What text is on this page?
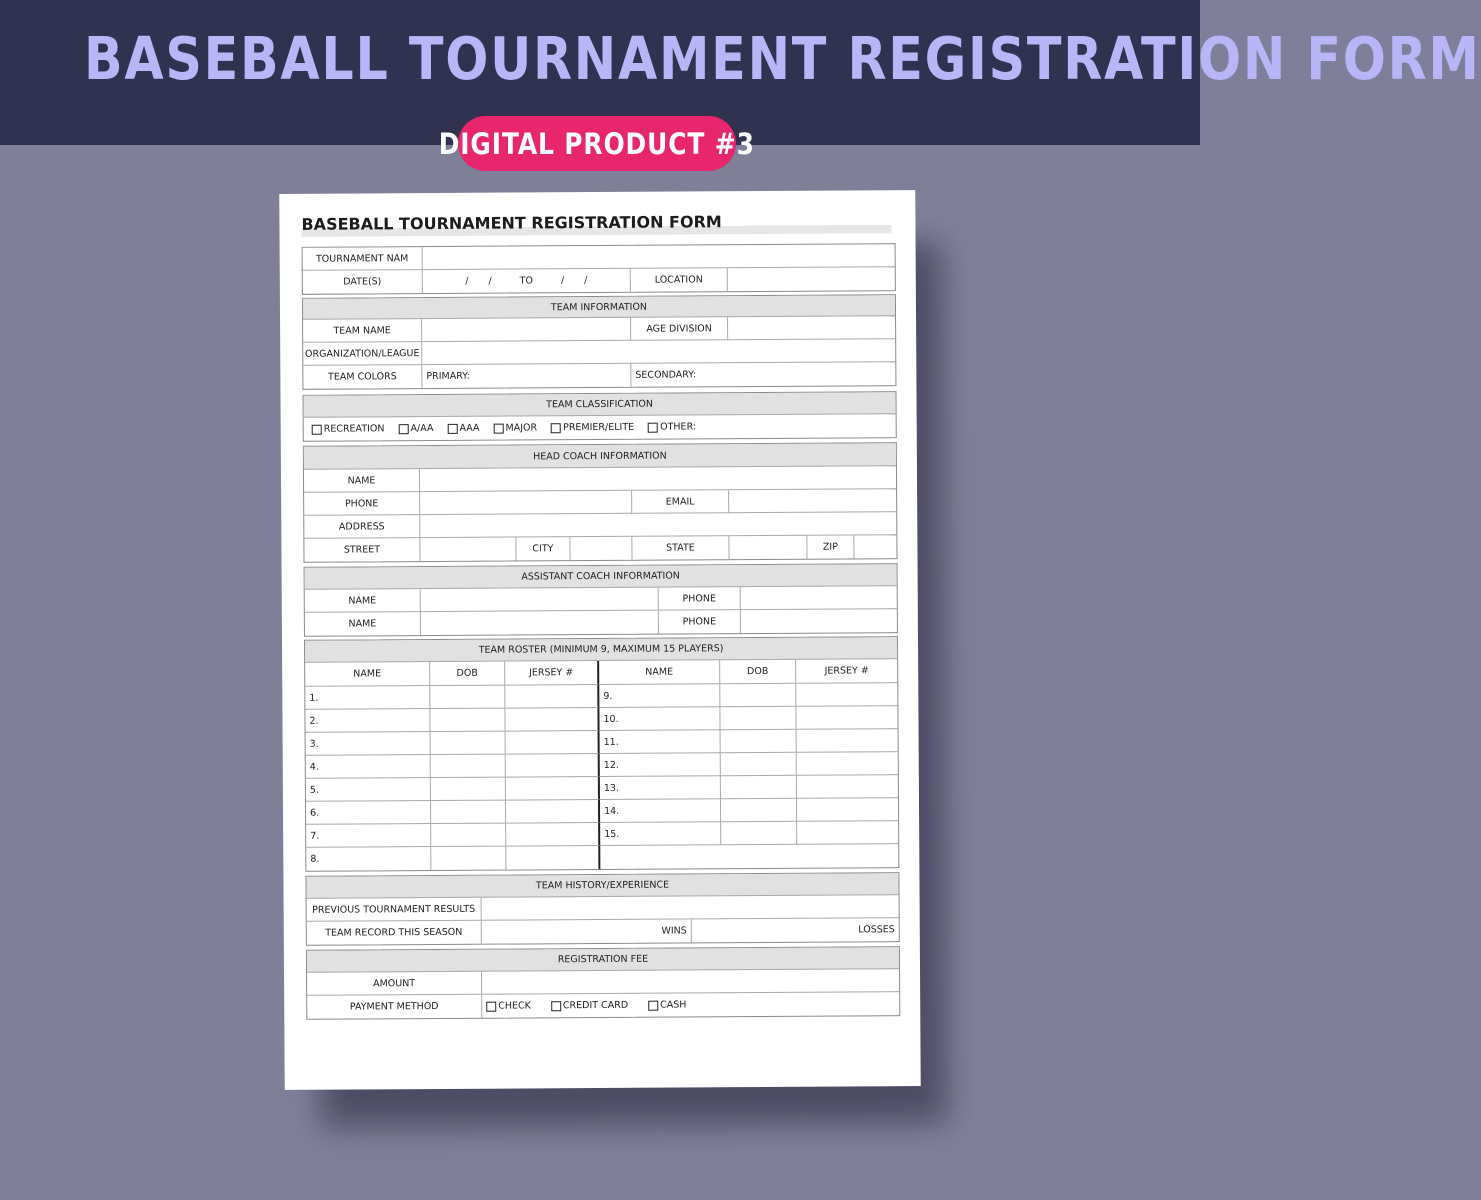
BASEBALL TOURNAMENT REGISTRATION FORM
DIGITAL PRODUCT #3
BASEBALL TOURNAMENT REGISTRATION FORM
TOURNAMENT NAM
DATE(S)	/ /	TO	/ /	LOCATION
TEAM INFORMATION
TEAM NAME	AGE DIVISION
ORGANIZATION/LEAGUE
TEAM COLORS	PRIMARY:	SECONDARY:
TEAM CLASSIFICATION
RECREATION	A/AA	AAA	MAJOR	PREMIER/ELITE	OTHER:
HEAD COACH INFORMATION
NAME
PHONE	EMAIL
ADDRESS
STREET	CITY	STATE	ZIP
ASSISTANT COACH INFORMATION
NAME	PHONE
NAME	PHONE
TEAM ROSTER (MINIMUM 9, MAXIMUM 15 PLAYERS)
NAME	DOB	JERSEY #	NAME	DOB	JERSEY #
1.	9.
2.	10.
3.	11.
4.	12.
5.	13.
6.	14.
7.	15.
8.
TEAM HISTORY/EXPERIENCE
PREVIOUS TOURNAMENT RESULTS
TEAM RECORD THIS SEASON	WINS	LOSSES
REGISTRATION FEE
AMOUNT
PAYMENT METHOD	CHECK	CREDIT CARD	CASH
